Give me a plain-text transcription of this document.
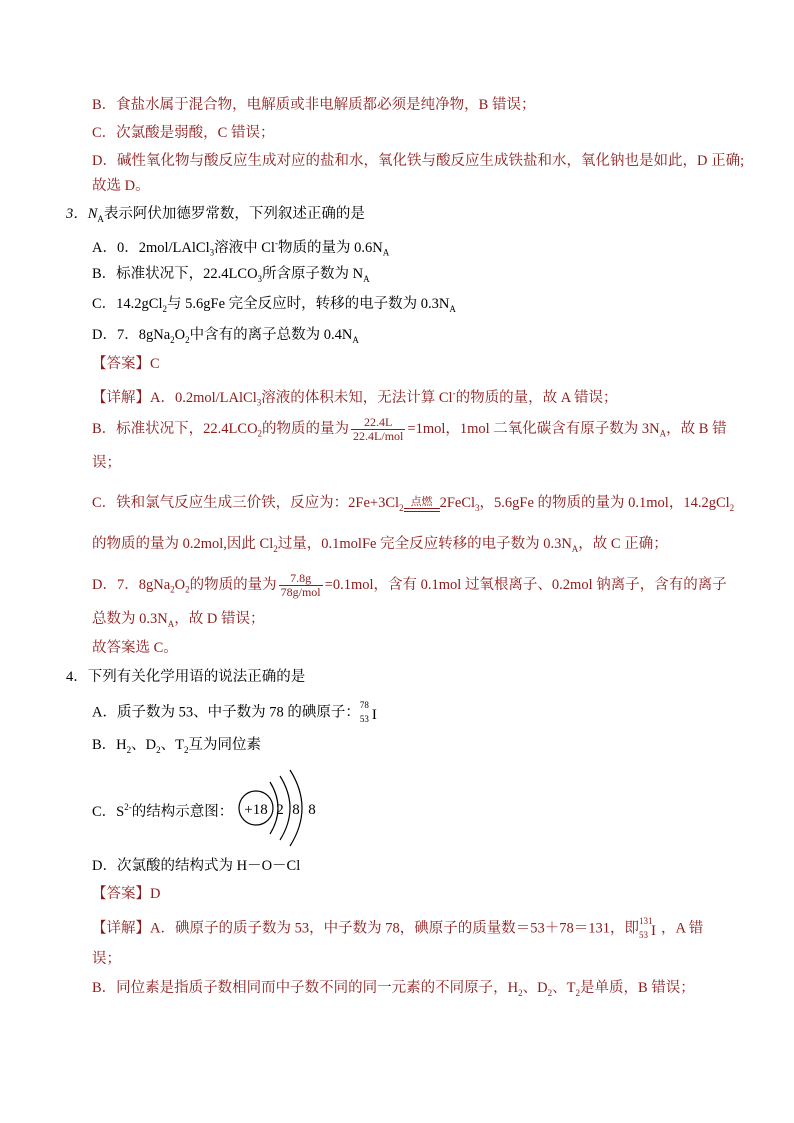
B．食盐水属于混合物，电解质或非电解质都必须是纯净物，B 错误；
C．次氯酸是弱酸，C 错误；
D．碱性氧化物与酸反应生成对应的盐和水，氧化铁与酸反应生成铁盐和水，氧化钠也是如此，D 正确;
故选 D。
3．$N_A$表示阿伏加德罗常数，下列叙述正确的是
A．0．2mol/LAlCl$_3$溶液中 Cl-物质的量为 $0.6N_A$
B．标准状况下，$22.4LCO_3$所含原子数为 $N_A$
C．14.2gCl$_2$与 5.6gFe 完全反应时，转移的电子数为 $0.3N_A$
D．7．$8gNa_2O_2$中含有的离子总数为 $0.4N_A$
【答案】C
【详解】A．0.2mol/LAlCl$_3$溶液的体积未知，无法计算 Cl-的物质的量，故 A 错误；
B．标准状况下，$22.4LCO_2$的物质的量为 $\frac{22.4L}{\text{22.4L/mol}} =1mol$，1mol 二氧化碳含有原子数为 $3N_A$，故 B 错
误；
C．铁和氯气反应生成三价铁，反应为：$2Fe+3Cl_2$
点燃 2FeCl$_3$，5.6gFe 的物质的量为 0.1mol，14.2gCl$_2$
的物质的量为 0.2mol,因此 $Cl_2$过量，0.1molFe 完全反应转移的电子数为 $0.3N_A$，故 C 正确；
D．7．$8gNa_2O_2$的物质的量为 $\frac{7.8g}{\text{78g/mol}} =0.1mol$，含有 0.1mol 过氧根离子、0.2mol 钠离子，含有的离子
总数为 $0.3N_A$，故 D 错误；
故答案选 C。
4．下列有关化学用语的说法正确的是
A．质子数为 53、中子数为 78 的碘原子： 78
53 I
B．$H_2$、$D_2$、$T_2$互为同位素
C．$S^{2-}$的结构示意图： +18 2 8 8
D．次氯酸的结构式为 H－O－Cl
【答案】D
【详解】A．碘原子的质子数为 53，中子数为 78，碘原子的质量数＝53＋78＝131，即 131
53 I ，A 错
误；
B．同位素是指质子数相同而中子数不同的同一元素的不同原子，$H_2$、$D_2$、$T_2$是单质，B 错误；
